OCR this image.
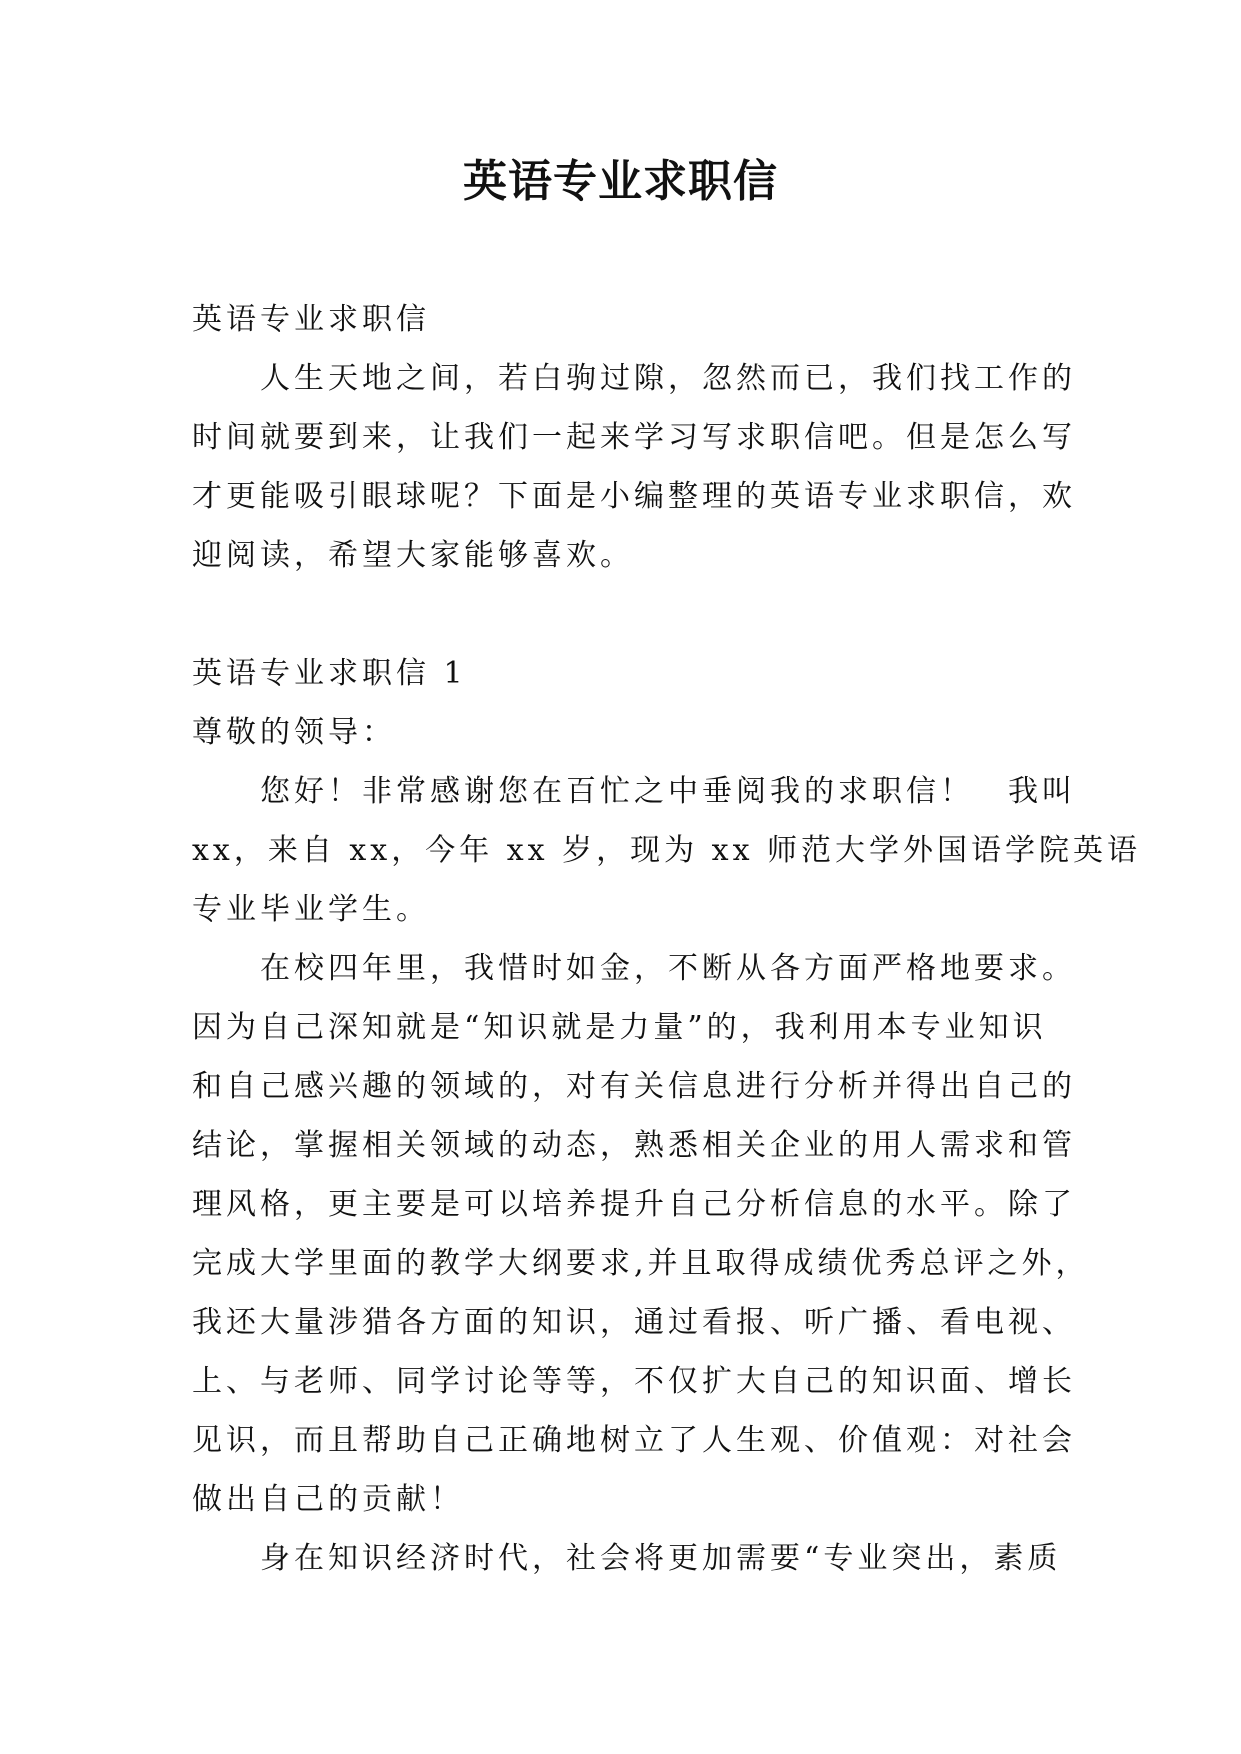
英语专业求职信
英语专业求职信
　　人生天地之间，若白驹过隙，忽然而已，我们找工作的
时间就要到来，让我们一起来学习写求职信吧。但是怎么写
才更能吸引眼球呢？下面是小编整理的英语专业求职信，欢
迎阅读，希望大家能够喜欢。
英语专业求职信 1
尊敬的领导：
　　您好！非常感谢您在百忙之中垂阅我的求职信！　我叫
xx，来自 xx，今年 xx 岁，现为 xx 师范大学外国语学院英语
专业毕业学生。
　　在校四年里，我惜时如金，不断从各方面严格地要求。
因为自己深知就是“知识就是力量”的，我利用本专业知识
和自己感兴趣的领域的，对有关信息进行分析并得出自己的
结论，掌握相关领域的动态，熟悉相关企业的用人需求和管
理风格，更主要是可以培养提升自己分析信息的水平。除了
完成大学里面的教学大纲要求,并且取得成绩优秀总评之外，
我还大量涉猎各方面的知识，通过看报、听广播、看电视、
上、与老师、同学讨论等等，不仅扩大自己的知识面、增长
见识，而且帮助自己正确地树立了人生观、价值观：对社会
做出自己的贡献！
　　身在知识经济时代，社会将更加需要“专业突出，素质
